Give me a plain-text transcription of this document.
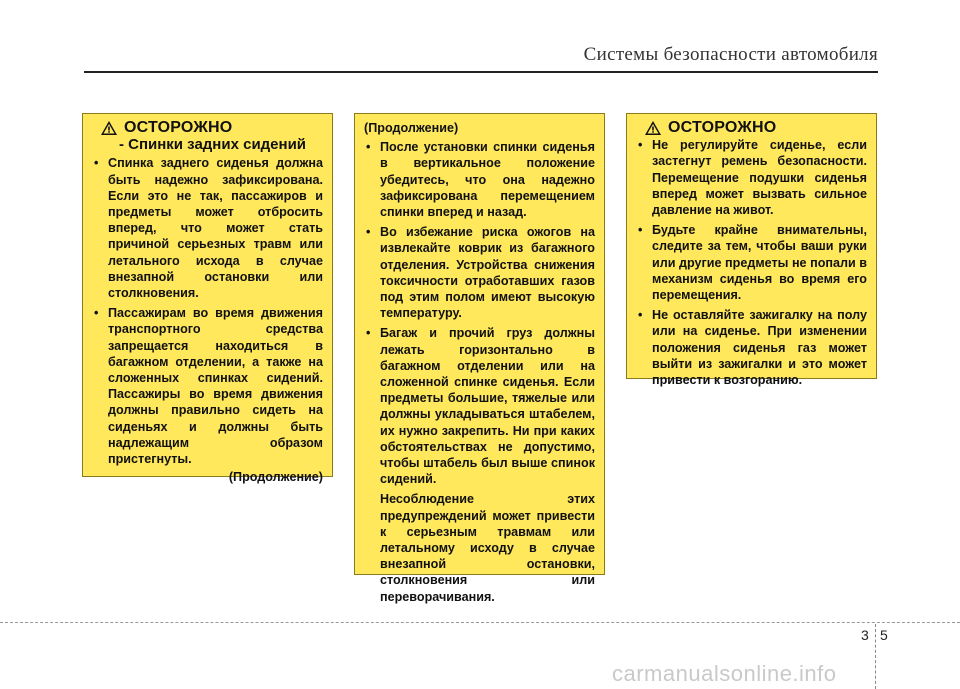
Системы безопасности автомобиля
ОСТОРОЖНО
- Спинки задних сидений
• Спинка заднего сиденья должна быть надежно зафиксирована. Если это не так, пассажиров и предметы может отбросить вперед, что может стать причиной серьезных травм или летального исхода в случае внезапной остановки или столкновения.
• Пассажирам во время движения транспортного средства запрещается находиться в багажном отделении, а также на сложенных спинках сидений. Пассажиры во время движения должны правильно сидеть на сиденьях и должны быть надлежащим образом пристегнуты.
(Продолжение)
(Продолжение)
• После установки спинки сиденья в вертикальное положение убедитесь, что она надежно зафиксирована перемещением спинки вперед и назад.
• Во избежание риска ожогов на извлекайте коврик из багажного отделения. Устройства снижения токсичности отработавших газов под этим полом имеют высокую температуру.
• Багаж и прочий груз должны лежать горизонтально в багажном отделении или на сложенной спинке сиденья. Если предметы большие, тяжелые или должны укладываться штабелем, их нужно закрепить. Ни при каких обстоятельствах не допустимо, чтобы штабель был выше спинок сидений.
Несоблюдение этих предупреждений может привести к серьезным травмам или летальному исходу в случае внезапной остановки, столкновения или переворачивания.
ОСТОРОЖНО
• Не регулируйте сиденье, если застегнут ремень безопасности. Перемещение подушки сиденья вперед может вызвать сильное давление на живот.
• Будьте крайне внимательны, следите за тем, чтобы ваши руки или другие предметы не попали в механизм сиденья во время его перемещения.
• Не оставляйте зажигалку на полу или на сиденье. При изменении положения сиденья газ может выйти из зажигалки и это может привести к возгоранию.
3 5
carmanualsonline.info
